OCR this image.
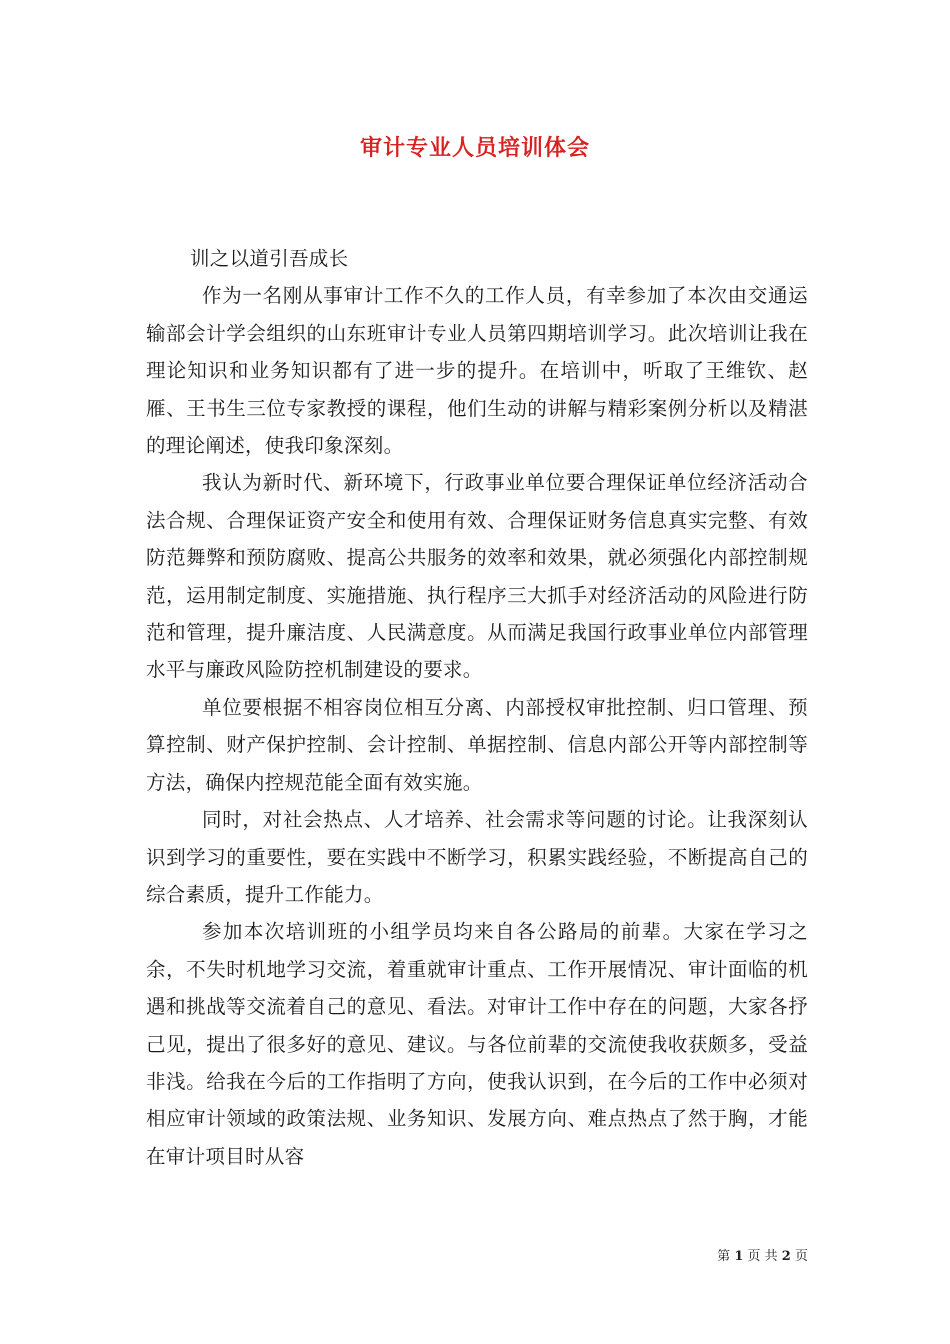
审计专业人员培训体会

训之以道引吾成长

作为一名刚从事审计工作不久的工作人员，有幸参加了本次由交通运输部会计学会组织的山东班审计专业人员第四期培训学习。此次培训让我在理论知识和业务知识都有了进一步的提升。在培训中，听取了王维钦、赵雁、王书生三位专家教授的课程，他们生动的讲解与精彩案例分析以及精湛的理论阐述，使我印象深刻。

我认为新时代、新环境下，行政事业单位要合理保证单位经济活动合法合规、合理保证资产安全和使用有效、合理保证财务信息真实完整、有效防范舞弊和预防腐败、提高公共服务的效率和效果，就必须强化内部控制规范，运用制定制度、实施措施、执行程序三大抓手对经济活动的风险进行防范和管理，提升廉洁度、人民满意度。从而满足我国行政事业单位内部管理水平与廉政风险防控机制建设的要求。

单位要根据不相容岗位相互分离、内部授权审批控制、归口管理、预算控制、财产保护控制、会计控制、单据控制、信息内部公开等内部控制等方法，确保内控规范能全面有效实施。

同时，对社会热点、人才培养、社会需求等问题的讨论。让我深刻认识到学习的重要性，要在实践中不断学习，积累实践经验，不断提高自己的综合素质，提升工作能力。

参加本次培训班的小组学员均来自各公路局的前辈。大家在学习之余，不失时机地学习交流，着重就审计重点、工作开展情况、审计面临的机遇和挑战等交流着自己的意见、看法。对审计工作中存在的问题，大家各抒己见，提出了很多好的意见、建议。与各位前辈的交流使我收获颇多，受益非浅。给我在今后的工作指明了方向，使我认识到，在今后的工作中必须对相应审计领域的政策法规、业务知识、发展方向、难点热点了然于胸，才能在审计项目时从容

第 1 页 共 2 页
